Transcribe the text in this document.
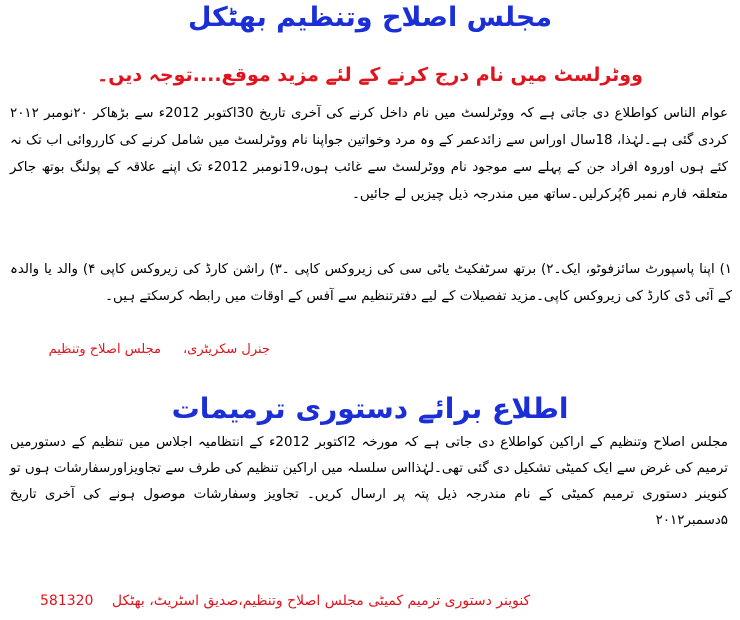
مجلس اصلاح وتنظیم بھٹکل
ووٹرلسٹ میں نام درج کرنے کے لئے مزید موقع....توجہ دیں۔
عوام الناس کواطلاع دی جاتی ہے کہ ووٹرلسٹ میں نام داخل کرنے کی آخری تاریخ 30اکتوبر 2012ء سے بڑھاکر ۲۰نومبر ۲۰۱۲ کردی گئی ہے۔لہٰذا، 18سال اوراس سے زائدعمر کے وہ مرد وخواتین جواپنا نام ووٹرلسٹ میں شامل کرنے کی کارروائی اب تک نہ کئے ہوں اوروہ افراد جن کے پہلے سے موجود نام ووٹرلسٹ سے غائب ہوں،19نومبر 2012ء تک اپنے علاقہ کے پولنگ بوتھ جاکر متعلقہ فارم نمبر 6پُرکرلیں۔ساتھ میں مندرجہ ذیل چیزیں لے جائیں۔
۱) اپنا پاسپورٹ سائزفوٹو، ایک۔۲) برتھ سرٹفکیٹ یاٹی سی کی زیروکس کاپی ۔۳) راشن کارڈ کی زیروکس کاپی ۴) والد یا والدہ کے آئی ڈی کارڈ کی زیروکس کاپی۔مزید تفصیلات کے لیے دفترتنظیم سے آفس کے اوقات میں رابطہ کرسکتے ہیں۔
جنرل سکریٹری،مجلس اصلاح وتنظیم
اطلاع برائے دستوری ترمیمات
مجلس اصلاح وتنظیم کے اراکین کواطلاع دی جاتی ہے کہ مورخہ 2اکتوبر 2012ء کے انتظامیہ اجلاس میں تنظیم کے دستورمیں ترمیم کی غرض سے ایک کمیٹی تشکیل دی گئی تھی۔لہٰذااس سلسلہ میں اراکین تنظیم کی طرف سے تجاویزاورسفارشات ہوں تو کنوینر دستوری ترمیم کمیٹی کے نام مندرجہ ذیل پتہ پر ارسال کریں۔ تجاویز وسفارشات موصول ہونے کی آخری تاریخ ۵دسمبر۲۰۱۲
581320 کنوینر دستوری ترمیم کمیٹی مجلس اصلاح وتنظیم،صدیق اسٹریٹ، بھٹکل
